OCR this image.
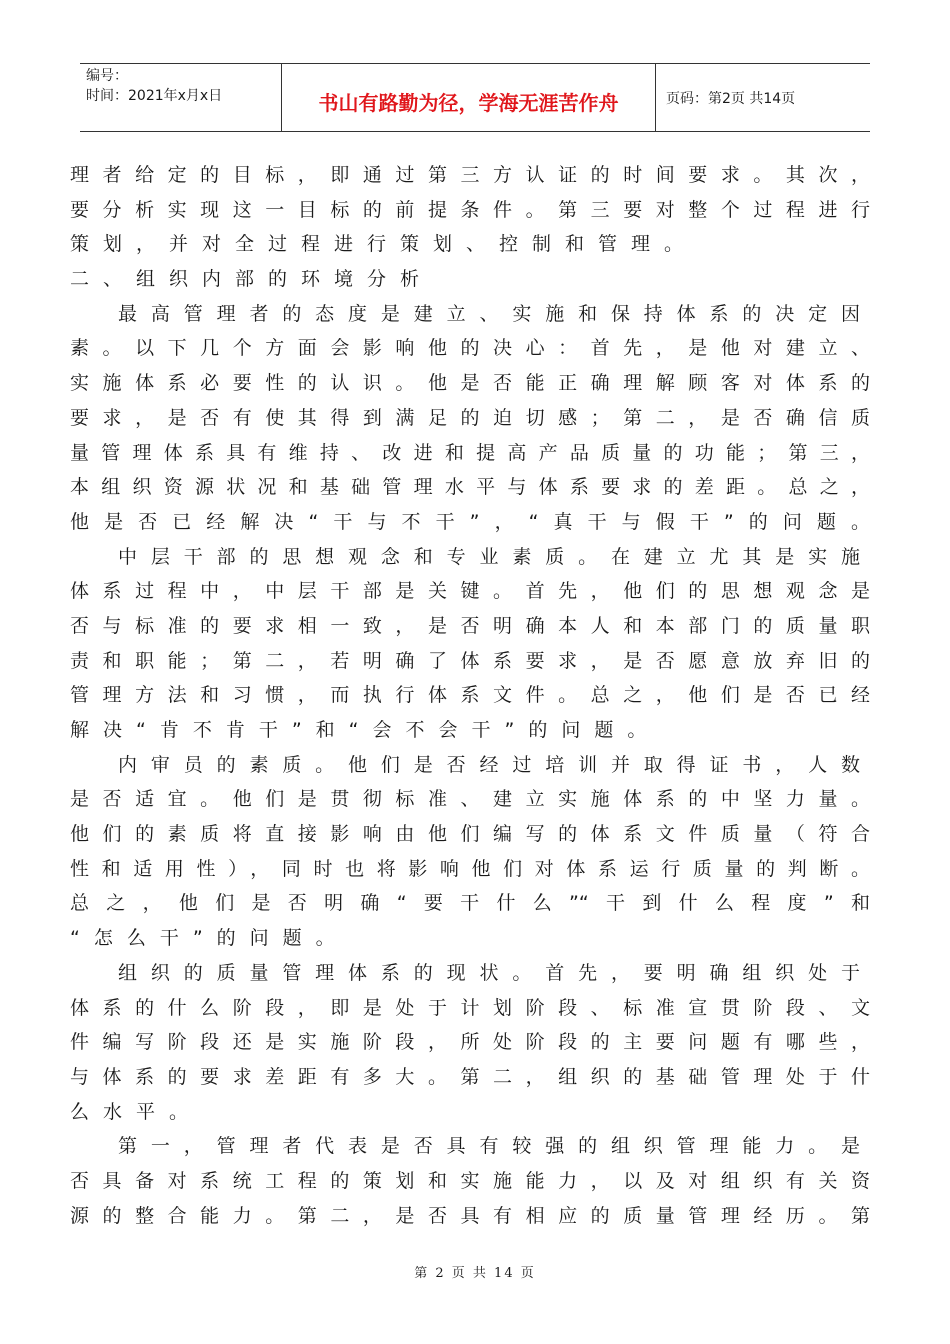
编号：
时间：2021年x月x日	书山有路勤为径，学海无涯苦作舟	页码：第2页 共14页
理者给定的目标，即通过第三方认证的时间要求。其次，
要分析实现这一目标的前提条件。第三要对整个过程进行
策划，并对全过程进行策划、控制和管理。
二、组织内部的环境分析
最高管理者的态度是建立、实施和保持体系的决定因
素。以下几个方面会影响他的决心：首先，是他对建立、
实施体系必要性的认识。他是否能正确理解顾客对体系的
要求，是否有使其得到满足的迫切感；第二，是否确信质
量管理体系具有维持、改进和提高产品质量的功能；第三，
本组织资源状况和基础管理水平与体系要求的差距。总之，
他是否已经解决“干与不干”，“真干与假干”的问题。
中层干部的思想观念和专业素质。在建立尤其是实施
体系过程中，中层干部是关键。首先，他们的思想观念是
否与标准的要求相一致，是否明确本人和本部门的质量职
责和职能；第二，若明确了体系要求，是否愿意放弃旧的
管理方法和习惯，而执行体系文件。总之，他们是否已经
解决“肯不肯干”和“会不会干”的问题。
内审员的素质。他们是否经过培训并取得证书，人数
是否适宜。他们是贯彻标准、建立实施体系的中坚力量。
他们的素质将直接影响由他们编写的体系文件质量（符合
性和适用性），同时也将影响他们对体系运行质量的判断。
总之，他们是否明确“要干什么”“干到什么程度”和
“怎么干”的问题。
组织的质量管理体系的现状。首先，要明确组织处于
体系的什么阶段，即是处于计划阶段、标准宣贯阶段、文
件编写阶段还是实施阶段，所处阶段的主要问题有哪些，
与体系的要求差距有多大。第二，组织的基础管理处于什
么水平。
第一，管理者代表是否具有较强的组织管理能力。是
否具备对系统工程的策划和实施能力，以及对组织有关资
源的整合能力。第二，是否具有相应的质量管理经历。第
第 2 页 共 14 页
